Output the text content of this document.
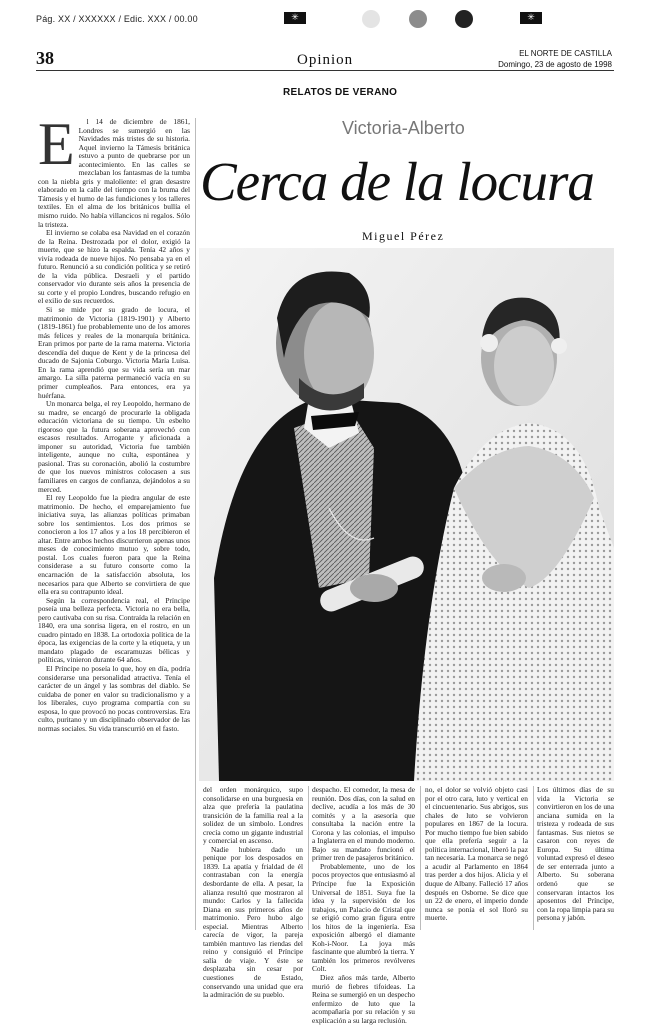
Pág. XX / XXXXXX / Edic. XXX / 00.00	✳	✳
38	Opinion	EL NORTE DE CASTILLA
Domingo, 23 de agosto de 1998
RELATOS DE VERANO
Victoria-Alberto
Cerca de la locura
Miguel Pérez
E	l 14 de diciembre de 1861, Londres se sumergió en las Navidades más tristes de su historia. Aquel invierno la Támesis británica estuvo a punto de quebrarse por un acontecimiento. En las calles se mezclaban los fantasmas de la tumba con la niebla gris y maloliente: el gran desastre elaborado en la calle del tiempo con la bruma del Támesis y el humo de las fundiciones y los talleres textiles. En el alma de los británicos bullía el mismo ruido. No había villancicos ni regalos. Sólo la tristeza.

El invierno se colaba esa Navidad en el corazón de la Reina. Destrozada por el dolor, exigió la muerte, que se hizo la espalda. Tenía 42 años y vivía rodeada de nueve hijos. No pensaba ya en el futuro. Renunció a su condición política y se retiró de la vida pública. Desraeli y el partido conservador vio durante seis años la presencia de su corte y el propio Londres, buscando refugio en el exilio de sus recuerdos.

Si se mide por su grado de locura, el matrimonio de Victoria (1819-1901) y Alberto (1819-1861) fue probablemente uno de los amores más felices y reales de la monarquía británica. Eran primos por parte de la rama materna. Victoria descendía del duque de Kent y de la princesa del ducado de Sajonia Coburgo. Victoria María Luisa. En la rama aprendió que su vida sería un mar amargo. La silla paterna permaneció vacía en su primer cumpleaños. Para entonces, era ya huérfana.

Un monarca belga, el rey Leopoldo, hermano de su madre, se encargó de procurarle la obligada educación victoriana de su tiempo. Un esbelto rigoroso que la futura soberana aprovechó con escasos resultados. Arrogante y aficionada a imponer su autoridad, Victoria fue también inteligente, aunque no culta, espontánea y pasional. Tras su coronación, abolió la costumbre de que los nuevos ministros colocasen a sus familiares en cargos de confianza, dejándolos a su merced.

El rey Leopoldo fue la piedra angular de este matrimonio. De hecho, el emparejamiento fue iniciativa suya, las alianzas políticas primaban sobre los sentimientos. Los dos primos se conocieron a los 17 años y a los 18 percibieron el altar. Entre ambos hechos discurrieron apenas unos meses de conocimiento mutuo y, sobre todo, postal. Los cuales fueron para que la Reina considerase a su futuro consorte como la encarnación de la satisfacción absoluta, los necesarios para que Alberto se convirtiera de que ella era su contrapunto ideal.

Según la correspondencia real, el Príncipe poseía una belleza perfecta. Victoria no era bella, pero cautivaba con su risa. Contraída la relación en 1840, era una sonrisa ligera, en el rostro, en un cuadro pintado en 1838. La ortodoxia política de la época, las exigencias de la corte y la etiqueta, y un mandato plagado de escaramuzas bélicas y políticas, vinieron durante 64 años.

El Príncipe no poseía lo que, hoy en día, podría considerarse una personalidad atractiva. Tenía el carácter de un ángel y las sombras del diablo. Se cuidaba de poner en valor su tradicionalismo y a los liberales, cuyo programa compartía con su esposa, lo que provocó no pocas controversias. Era culto, puritano y un disciplinado observador de las normas sociales. Su vida transcurrió en el fasto.

del orden monárquico, supo consolidarse en una burguesía en alza que prefería la paulatina transición de la familia real a la solidez de un símbolo. Londres crecía como un gigante industrial y comercial en ascenso.

Nadie hubiera dado un penique por los desposados en 1839. La apatía y frialdad de él contrastaban con la energía desbordante de ella. A pesar, la alianza resultó que mostraron al mundo: Carlos y la fallecida Diana en sus primeros años de matrimonio. Pero hubo algo especial. Mientras Alberto carecía de vigor, la pareja también mantuvo las riendas del reino y consiguió el Príncipe salía de viaje. Y éste se desplazaba sin cesar por cuestiones de Estado, conservando una unidad que era la admiración de su pueblo.

despacho. El comedor, la mesa de reunión. Dos días, con la salud en declive, acudía a los más de 30 comités y a la asesoría que consultaba la nación entre la Corona y las colonias, el impulso a Inglaterra en el mundo moderno. Bajo su mandato funcionó el primer tren de pasajeros británico.

Probablemente, uno de los pocos proyectos que entusiasmó al Príncipe fue la Exposición Universal de 1851. Suya fue la idea y la supervisión de los trabajos, un Palacio de Cristal que se erigió como gran figura entre los hitos de la ingeniería. Esa exposición albergó el diamante Koh-i-Noor. La joya más fascinante que alumbró la tierra. Y también los primeros revólveres Colt.

Diez años más tarde, Alberto murió de fiebres tifoideas. La Reina se sumergió en un despecho enfermizo de luto que la acompañaría por su relación y su explicación a su larga reclusión.

no, el dolor se volvió objeto casi por el otro cara, luto y vertical en el cincuentenario. Sus abrigos, sus chales de luto se volvieron populares en 1867 de la locura. Por mucho tiempo fue bien sabido que ella prefería seguir a la política internacional, liberó la paz tan necesaria. La monarca se negó a acudir al Parlamento en 1864 tras perder a dos hijos. Alicia y el duque de Albany. Falleció 17 años después en Osborne. Se dice que un 22 de enero, el imperio donde nunca se ponía el sol lloró su muerte.

Los últimos días de su vida la Victoria se convirtieron en los de una anciana sumida en la tristeza y rodeada de sus fantasmas. Sus nietos se casaron con reyes de Europa. Su última voluntad expresó el deseo de ser enterrada junto a Alberto. Su soberana ordenó que se conservaran intactos los aposentos del Príncipe, con la ropa limpia para su persona y jabón.
